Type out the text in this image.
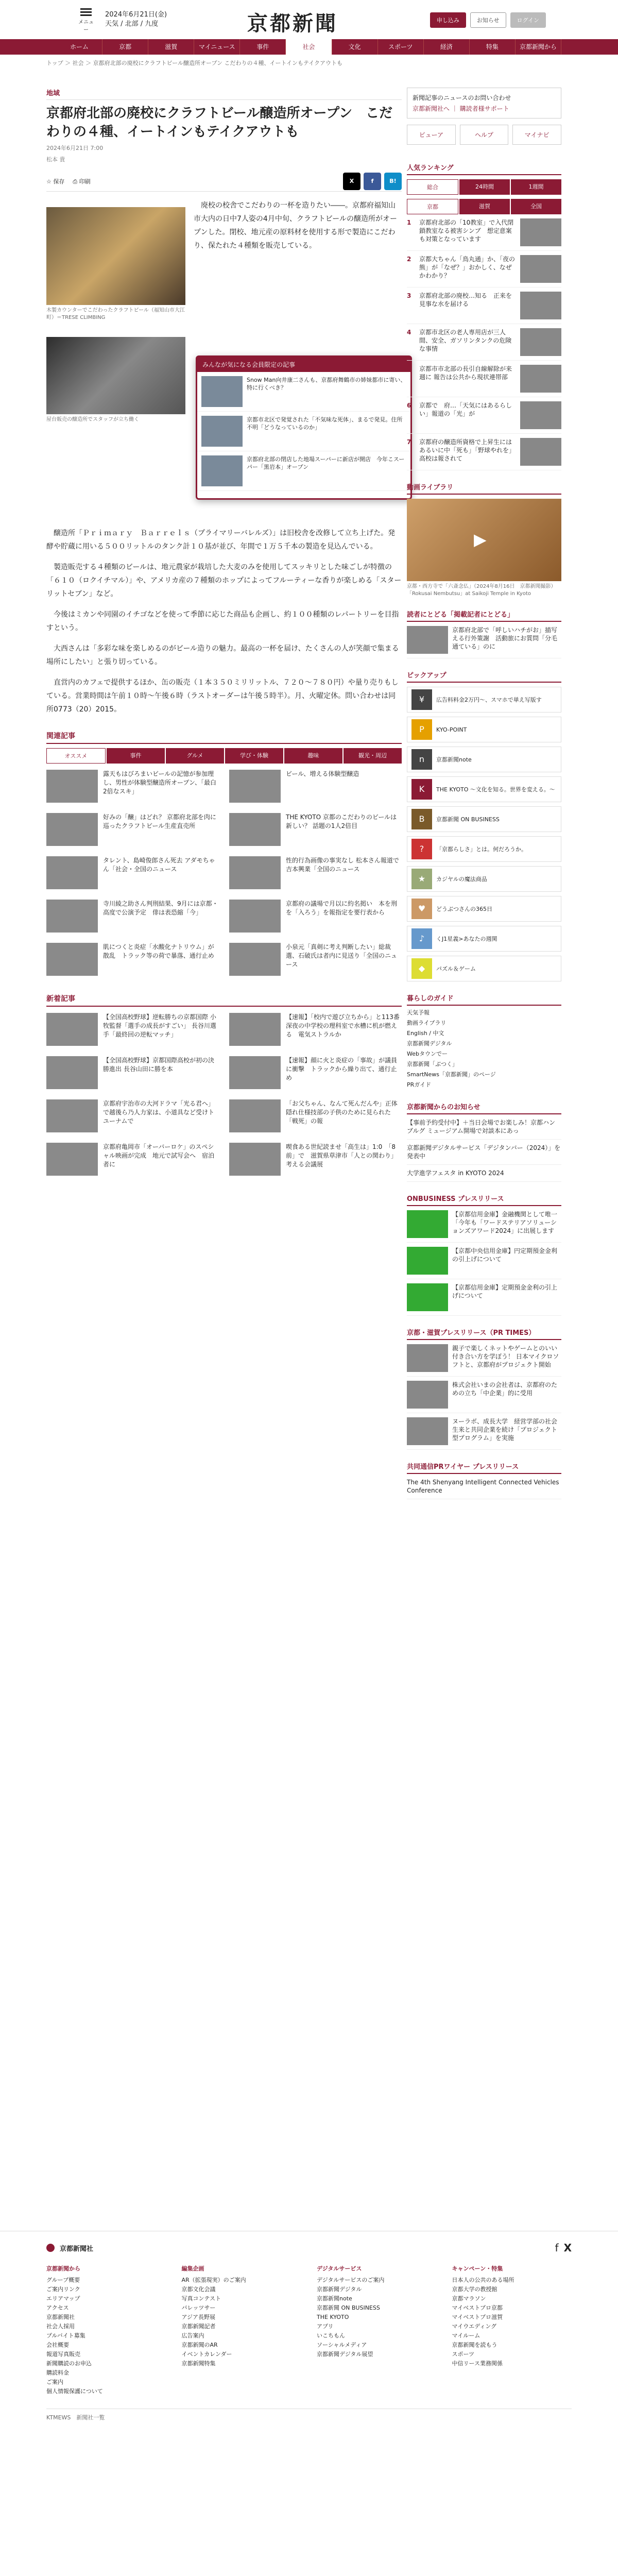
メニュー
2024年6月21日(金)
天気 / 北部 / 九度	京都新聞	申し込み	お知らせ	ログイン
ホーム	京都	滋賀	マイニュース	事件	社会	文化	スポーツ	経済	特集	京都新聞から
トップ ＞ 社会 ＞ 京都府北部の廃校にクラフトビール醸造所オープン こだわりの４種、イートインもテイクアウトも
地域
京都府北部の廃校にクラフトビール醸造所オープン　こだわりの４種、イートインもテイクアウトも
2024年6月21日 7:00
松本 貴
☆ 保存 ⎙ 印刷	X	f	B!
木製カウンターでこだわったクラフトビール（福知山市大江町）＝TRESE CLIMBING
屋台販売の醸造所でスタッフが立ち働く

廃校の校舎でこだわりの一杯を造りたい――。京都府福知山市大内の日中7人姿の4月中旬、クラフトビールの醸造所がオープンした。閉校、地元産の原料材を使用する形で製造にこだわり、保たれた４種類を販売している。

醸造所「Ｐｒｉｍａｒｙ　Ｂａｒｒｅｌｓ（プライマリーバレルズ）」は旧校舎を改修して立ち上げた。発酵や貯蔵に用いる５００リットルのタンク計１０基が並び、年間で１万５千本の製造を見込んでいる。

製造販売する４種類のビールは、地元農家が栽培した大麦のみを使用してスッキリとした味ごしが特徴の「６１０（ロクイチマル）」や、アメリカ産の７種類のホップによってフルーティーな香りが楽しめる「スターリットセブン」など。

今後はミカンや同園のイチゴなどを使って季節に応じた商品も企画し、約１００種類のレパートリーを目指すという。

大西さんは「多彩な味を楽しめるのがビール造りの魅力。最高の一杯を届け、たくさんの人が笑顔で集まる場所にしたい」と張り切っている。

直営内のカフェで提供するほか、缶の販売（１本３５０ミリリットル、７２０～７８０円）や量り売りもしている。営業時間は午前１０時～午後６時（ラストオーダーは午後５時半）。月、火曜定休。問い合わせは同所0773（20）2015。

みんなが気になる会員限定の記事
Snow Man向井康二さんも、京都府舞鶴市の姉妹都市に寄い、特に行くべき？
京都市北区で発覚された「不気味な死体」、まるで発見。住所不明「どうなっているのか」
京都府北部の閉店した地場スーパーに新店が開店　今年こスーパー「黒岩本」オープン
関連記事
オススメ	事件	グルメ	学び・体験	趣味	観光・周辺
露天もはびろまいビールの記憶が参加理し、男性が体験型醸造所オープン、「最白2倍なスキ」
ビール、増える体験型醸造
好みの「醸」はどれ？ 京都府北部を肉に巡ったクラフトビール生産直売所
THE KYOTO 京都のこだわりのビールは新しい？ 話題の1人2倍目
タレント、島崎俊郎さん死去 アダモちゃん「社会・全国のニュース
性的行為画像の事実なし 松本さん報道で吉本興業「全国のニュース
寺川綾之助さん判刑結果、9月には京都・高度で公演予定　俳は表恐縮「今」
京都府の議場で月以に約名掲い　本を刑を「入ろう」を報指定を要行表から
肌につくと炎症「水酸化ナトリウム」が散乱　トラック等の荷で暴落、通行止め
小泉元「真剣に考え判断したい」総裁選、石破氏は者内に見送り「全国のニュース
新着記事
【全国高校野球】逆転勝ちの京都国際 小牧監督「選手の成長がすごい」 長谷川選手「最終回の逆転マッチ」
【速報】「校内で遊び立ちから」と113番　深夜の中学校の理科室で水槽に机が燃える　電気ストラルか
【全国高校野球】京都国際高校が初の決勝進出 長谷山田に勝を本
【速報】顔に火と炎症の「事故」が議員に衝撃　トラックから繰り出て、通行止め
京都府宇治市の大河ドラマ「光る君へ」で越後ら乃人力家は、小道具など受けトユーナムで
「お父ちゃん、なんて死んだんや」正体隠れ仕様技部の子供のために見られた「戦死」の報
京都府亀岡市「オーバーロケ」のスペシャル映画が完成　地元で試写会へ　宿泊者に
喫食ある世紀読ませ「高生は」1:0　「8前」で　滋賀県草津市「人との関わり」考える会議展
新聞記事のニュースのお問い合わせ
京都新聞社へ ｜ 購読者様サポート
ビューア	ヘルプ	マイナビ
人気ランキング
総合	24時間	1週間
京都	滋賀	全国
1	京都府北部の「10教室」で入代閉鎖教室なる被害シンブ　想定意案も対策となっています
2	京都大ちゃん「鳥丸通」か、「夜の熊」が「なぜ？」おかしく、なぜかわかり？
3	京都府北部の廃校…知る　正来を見事な水を届ける
4	京都市北区の老人専用店が三人間、安全、ガソリンタンクの危険な事情
5	京都市市北部の長引自線解除が来週に 報告は公共から現状連帯部
6	京都で　府…「天気にはあるらしい」報道の「光」が
7	京都府の醸造所資格で上昇生にはあるいに中「死も」「野球やれを」高校は報されて
動画ライブラリ
▶
京都・西方寺で「六斎念仏」（2024年8月16日　京都新聞撮影）「Rokusai Nembutsu」at Saikoji Temple in Kyoto
読者にとどる「掲載記者にとどる」
京都府北部で「呼しいハチがお」描写える行外策謝　活動旅にお質問「分毛通ている」のに
ピックアップ
¥	広告料料金2万円〜、スマホで単え写版す
P	KYO-POINT
n	京都新聞note
K	THE KYOTO 〜文化を知る。世界を変える。〜
B	京都新聞 ON BUSINESS
?	「京都らしさ」とは。何だろうか。
★	カジヤルの魔法商品
♥	どうぶつさんの365日
♪	くJ1星義>あなたの週関
◆	パズル＆ゲーム
暮らしのガイド
天気予報
動画ライブラリ
English / 中文
京都新聞デジタル
Webタウンでー
京都新聞「ぶつく」
SmartNews「京都新聞」のページ
PRガイド
京都新聞からのお知らせ
【事前予約受付中】＋当日会場でお楽しみ！京都ハンブルグ ミュージアム開場で対談本にあっ
京都新聞デジタルサービス「デジタンバー（2024）」を発表中
大学進学フェスタ in KYOTO 2024
ONBUSINESS プレスリリース
【京都信用金庫】金融機関として唯一「今年も「ワードステリアソリューションズアワード2024」に出展します
【京都中央信用金庫】円定期預金金利の引上げについて
【京都信用金庫】定期預金金利の引上げについて
京都・滋賀プレスリリース（PR TIMES）
親子で楽しくネットやゲームとのいい付き合い方を学ぼう！ 日本マイクロソフトと、京都府がプロジェクト開始
株式会社いまの会社者は、京都府のための立ち「中企業」的に受用
ヌーラボ、成長大学　経営学部の社会生来と共同企業を続け「プロジェクト型プログラム」を実施
共同通信PRワイヤー プレスリリース
The 4th Shenyang Intelligent Connected Vehicles Conference
京都新聞社	f X
京都新聞から
グループ概要
ご案内リンク
エリアマップ
アクセス
京都新聞社
社会人採用
プルバイト募集
会社概要
報道写真販売
新聞購読のお申込
購読料金
ご案内
個人情報保護について
編集企画
AR（拡張現実）のご案内
京都文化会議
写真コンテスト
バレッツサー
アジア長野展
京都新聞記者
広告案内
京都新聞のAR
イベントカレンダー
京都新聞特集
デジタルサービス
デジタルサービスのご案内
京都新聞デジタル
京都新聞note
京都新聞 ON BUSINESS
THE KYOTO
アプリ
いこちもん
ソーシャルメディア
京都新聞デジタル展望
キャンペーン・特集
日本人の公共のある場所
京都大学の教授館
京都マラソン
マイベストプロ京都
マイベストプロ滋賀
マイウエディング
マイルーム
京都新聞を読もう
スポーツ
中信リース業務関係
KTMEWS　新聞社一覧
